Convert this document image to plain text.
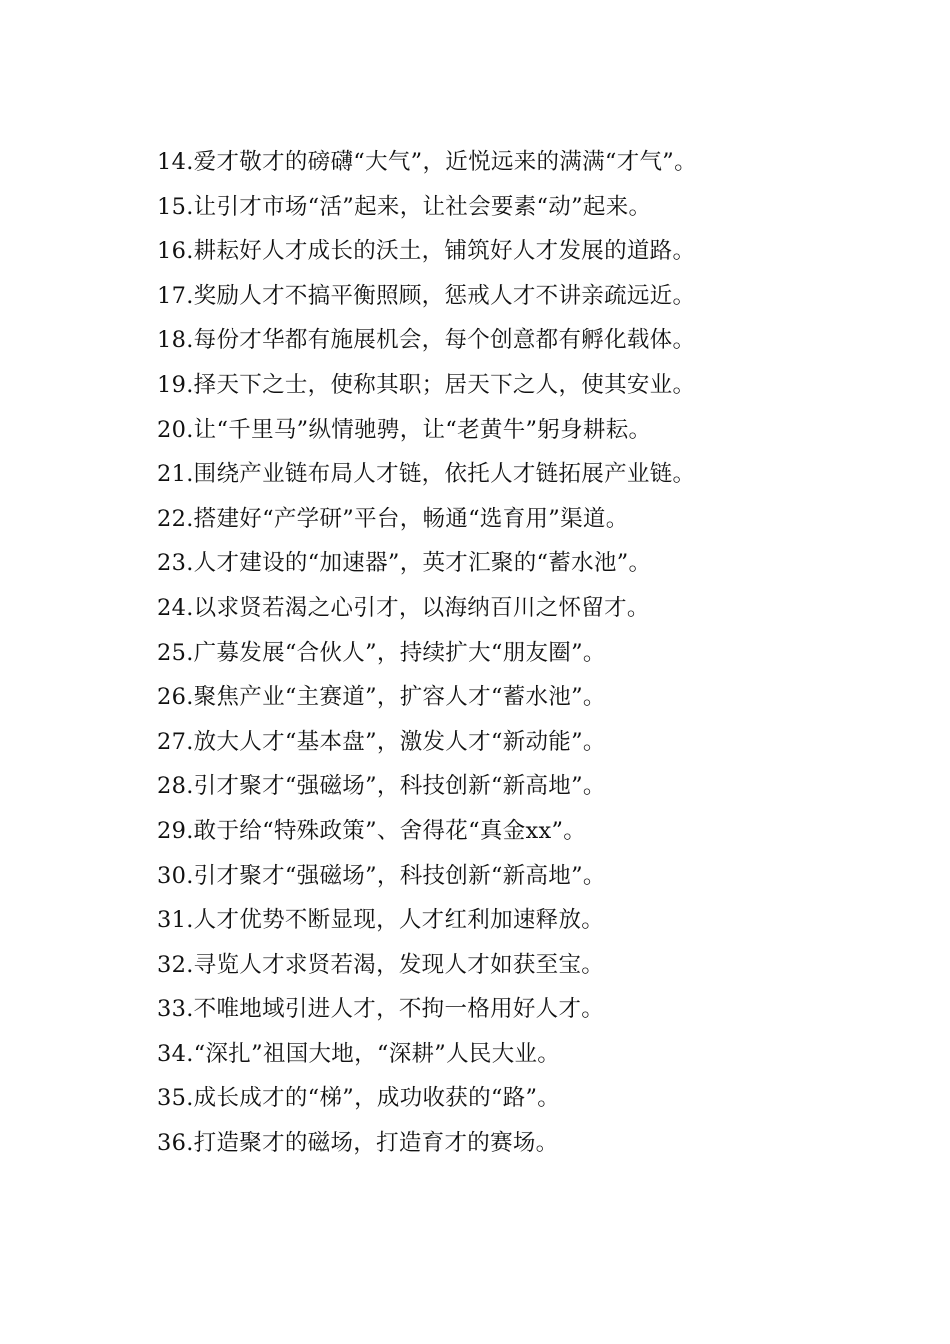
14.爱才敬才的磅礴“大气”，近悦远来的满满“才气”。
15.让引才市场“活”起来，让社会要素“动”起来。
16.耕耘好人才成长的沃土，铺筑好人才发展的道路。
17.奖励人才不搞平衡照顾，惩戒人才不讲亲疏远近。
18.每份才华都有施展机会，每个创意都有孵化载体。
19.择天下之士，使称其职；居天下之人，使其安业。
20.让“千里马”纵情驰骋，让“老黄牛”躬身耕耘。
21.围绕产业链布局人才链，依托人才链拓展产业链。
22.搭建好“产学研”平台，畅通“选育用”渠道。
23.人才建设的“加速器”，英才汇聚的“蓄水池”。
24.以求贤若渴之心引才，以海纳百川之怀留才。
25.广募发展“合伙人”，持续扩大“朋友圈”。
26.聚焦产业“主赛道”，扩容人才“蓄水池”。
27.放大人才“基本盘”，激发人才“新动能”。
28.引才聚才“强磁场”，科技创新“新高地”。
29.敢于给“特殊政策”、舍得花“真金xx”。
30.引才聚才“强磁场”，科技创新“新高地”。
31.人才优势不断显现，人才红利加速释放。
32.寻览人才求贤若渴，发现人才如获至宝。
33.不唯地域引进人才，不拘一格用好人才。
34.“深扎”祖国大地，“深耕”人民大业。
35.成长成才的“梯”，成功收获的“路”。
36.打造聚才的磁场，打造育才的赛场。
